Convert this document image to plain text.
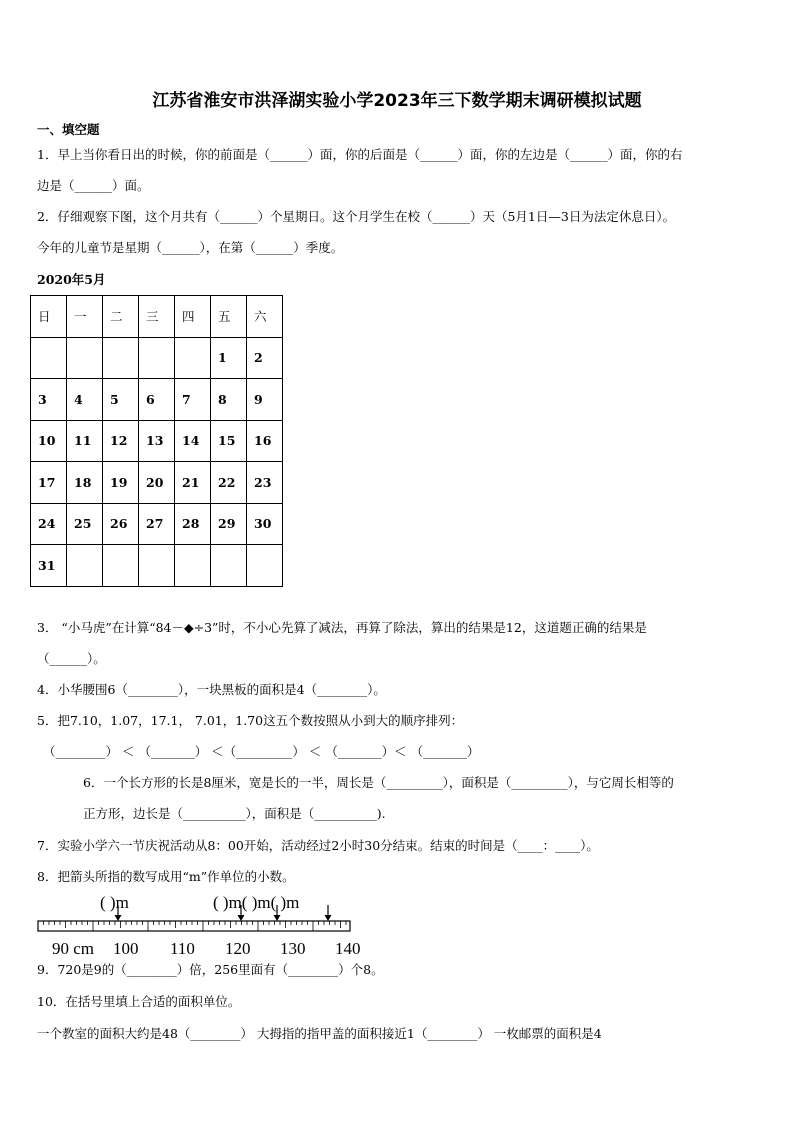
江苏省淮安市洪泽湖实验小学2023年三下数学期末调研模拟试题
一、填空题
1．早上当你看日出的时候，你的前面是（______）面，你的后面是（______）面，你的左边是（______）面，你的右
边是（______）面。
2．仔细观察下图，这个月共有（______）个星期日。这个月学生在校（______）天（5月1日—3日为法定休息日）。
今年的儿童节是星期（______），在第（______）季度。
2020年5月
日	一	二	三	四	五	六
					1	2
3	4	5	6	7	8	9
10	11	12	13	14	15	16
17	18	19	20	21	22	23
24	25	26	27	28	29	30
31						
3． “小马虎”在计算“84－◆÷3”时，不小心先算了减法，再算了除法，算出的结果是12，这道题正确的结果是
（______）。
4．小华腰围6（________），一块黑板的面积是4（________）。
5．把7.10，1.07，17.1， 7.01，1.70这五个数按照从小到大的顺序排列：
（________） ＜ （_______） ＜（_________） ＜ （_______）＜ （_______）
6．一个长方形的长是8厘米，宽是长的一半，周长是（_________），面积是（_________），与它周长相等的
正方形，边长是（__________），面积是（__________).
7．实验小学六一节庆祝活动从8：00开始，活动经过2小时30分结束。结束的时间是（____：____）。
8．把箭头所指的数写成用“m”作单位的小数。
( )m	( )m( )m( )m
90 cm 100 110 120 130 140
9．720是9的（________）倍，256里面有（________）个8。
10．在括号里填上合适的面积单位。
一个教室的面积大约是48（________） 大拇指的指甲盖的面积接近1（________） 一枚邮票的面积是4
